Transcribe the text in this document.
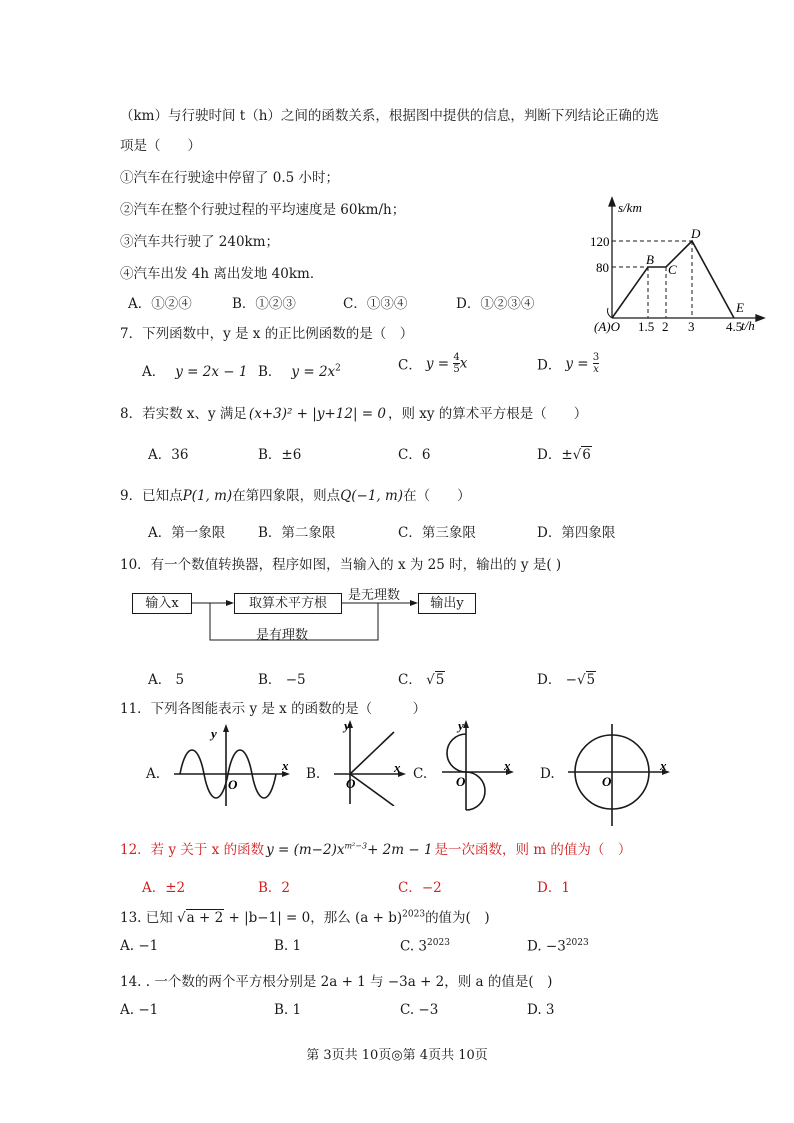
（km）与行驶时间 t（h）之间的函数关系，根据图中提供的信息，判断下列结论正确的选
项是（　　）
①汽车在行驶途中停留了 0.5 小时；
②汽车在整个行驶过程的平均速度是 60km/h；
③汽车共行驶了 240km；
④汽车出发 4h 离出发地 40km．
A．①②④	B．①②③	C．①③④	D．①②③④
s/km
t/h
120
80
1.5 2 3 4.5
(A)O
B
C
D
E
7．下列函数中，y 是 x 的正比例函数的是（　）
A． y = 2x − 1 B． $y = 2x^2$	C． $y = \frac{4}{5}$ x	D． $y = \frac{3}{x}$
8．若实数 x、y 满足 (x+3)² + |y+12| = 0 ，则 xy 的算术平方根是（　　）
A．36	B．±6	C．6	D．±√6
9．已知点P(1, m)在第四象限，则点Q(−1, m)在（　　）
A．第一象限 B．第二象限	C．第三象限	D．第四象限
10．有一个数值转换器，程序如图，当输入的 x 为 25 时，输出的 y 是( )
输入x	取算术平方根	输出y
是无理数
是有理数
A． 5	B． −5	C． √5	D． −√5
11．下列各图能表示 y 是 x 的函数的是（　　　）
A.
y
x
O
B.
y
x
O
C.
y
x
O	D.
x
O
12．若 y 关于 x 的函数 $y = (m-2)x^{m^2-3}+ 2m - 1$ 是一次函数，则 m 的值为（　）
A．±2	B．2	C．−2	D．1
13. 已知 √a + 2 + |b−1| = 0，那么 $(a + b)^{2023}$的值为(　)
A. −1	B. 1	C. $3^{2023}$	D. $-3^{2023}$
14. . 一个数的两个平方根分别是 2a + 1 与 −3a + 2，则 a 的值是(　)
A. −1	B. 1	C. −3	D. 3
第 3页共 10页◎第 4页共 10页
